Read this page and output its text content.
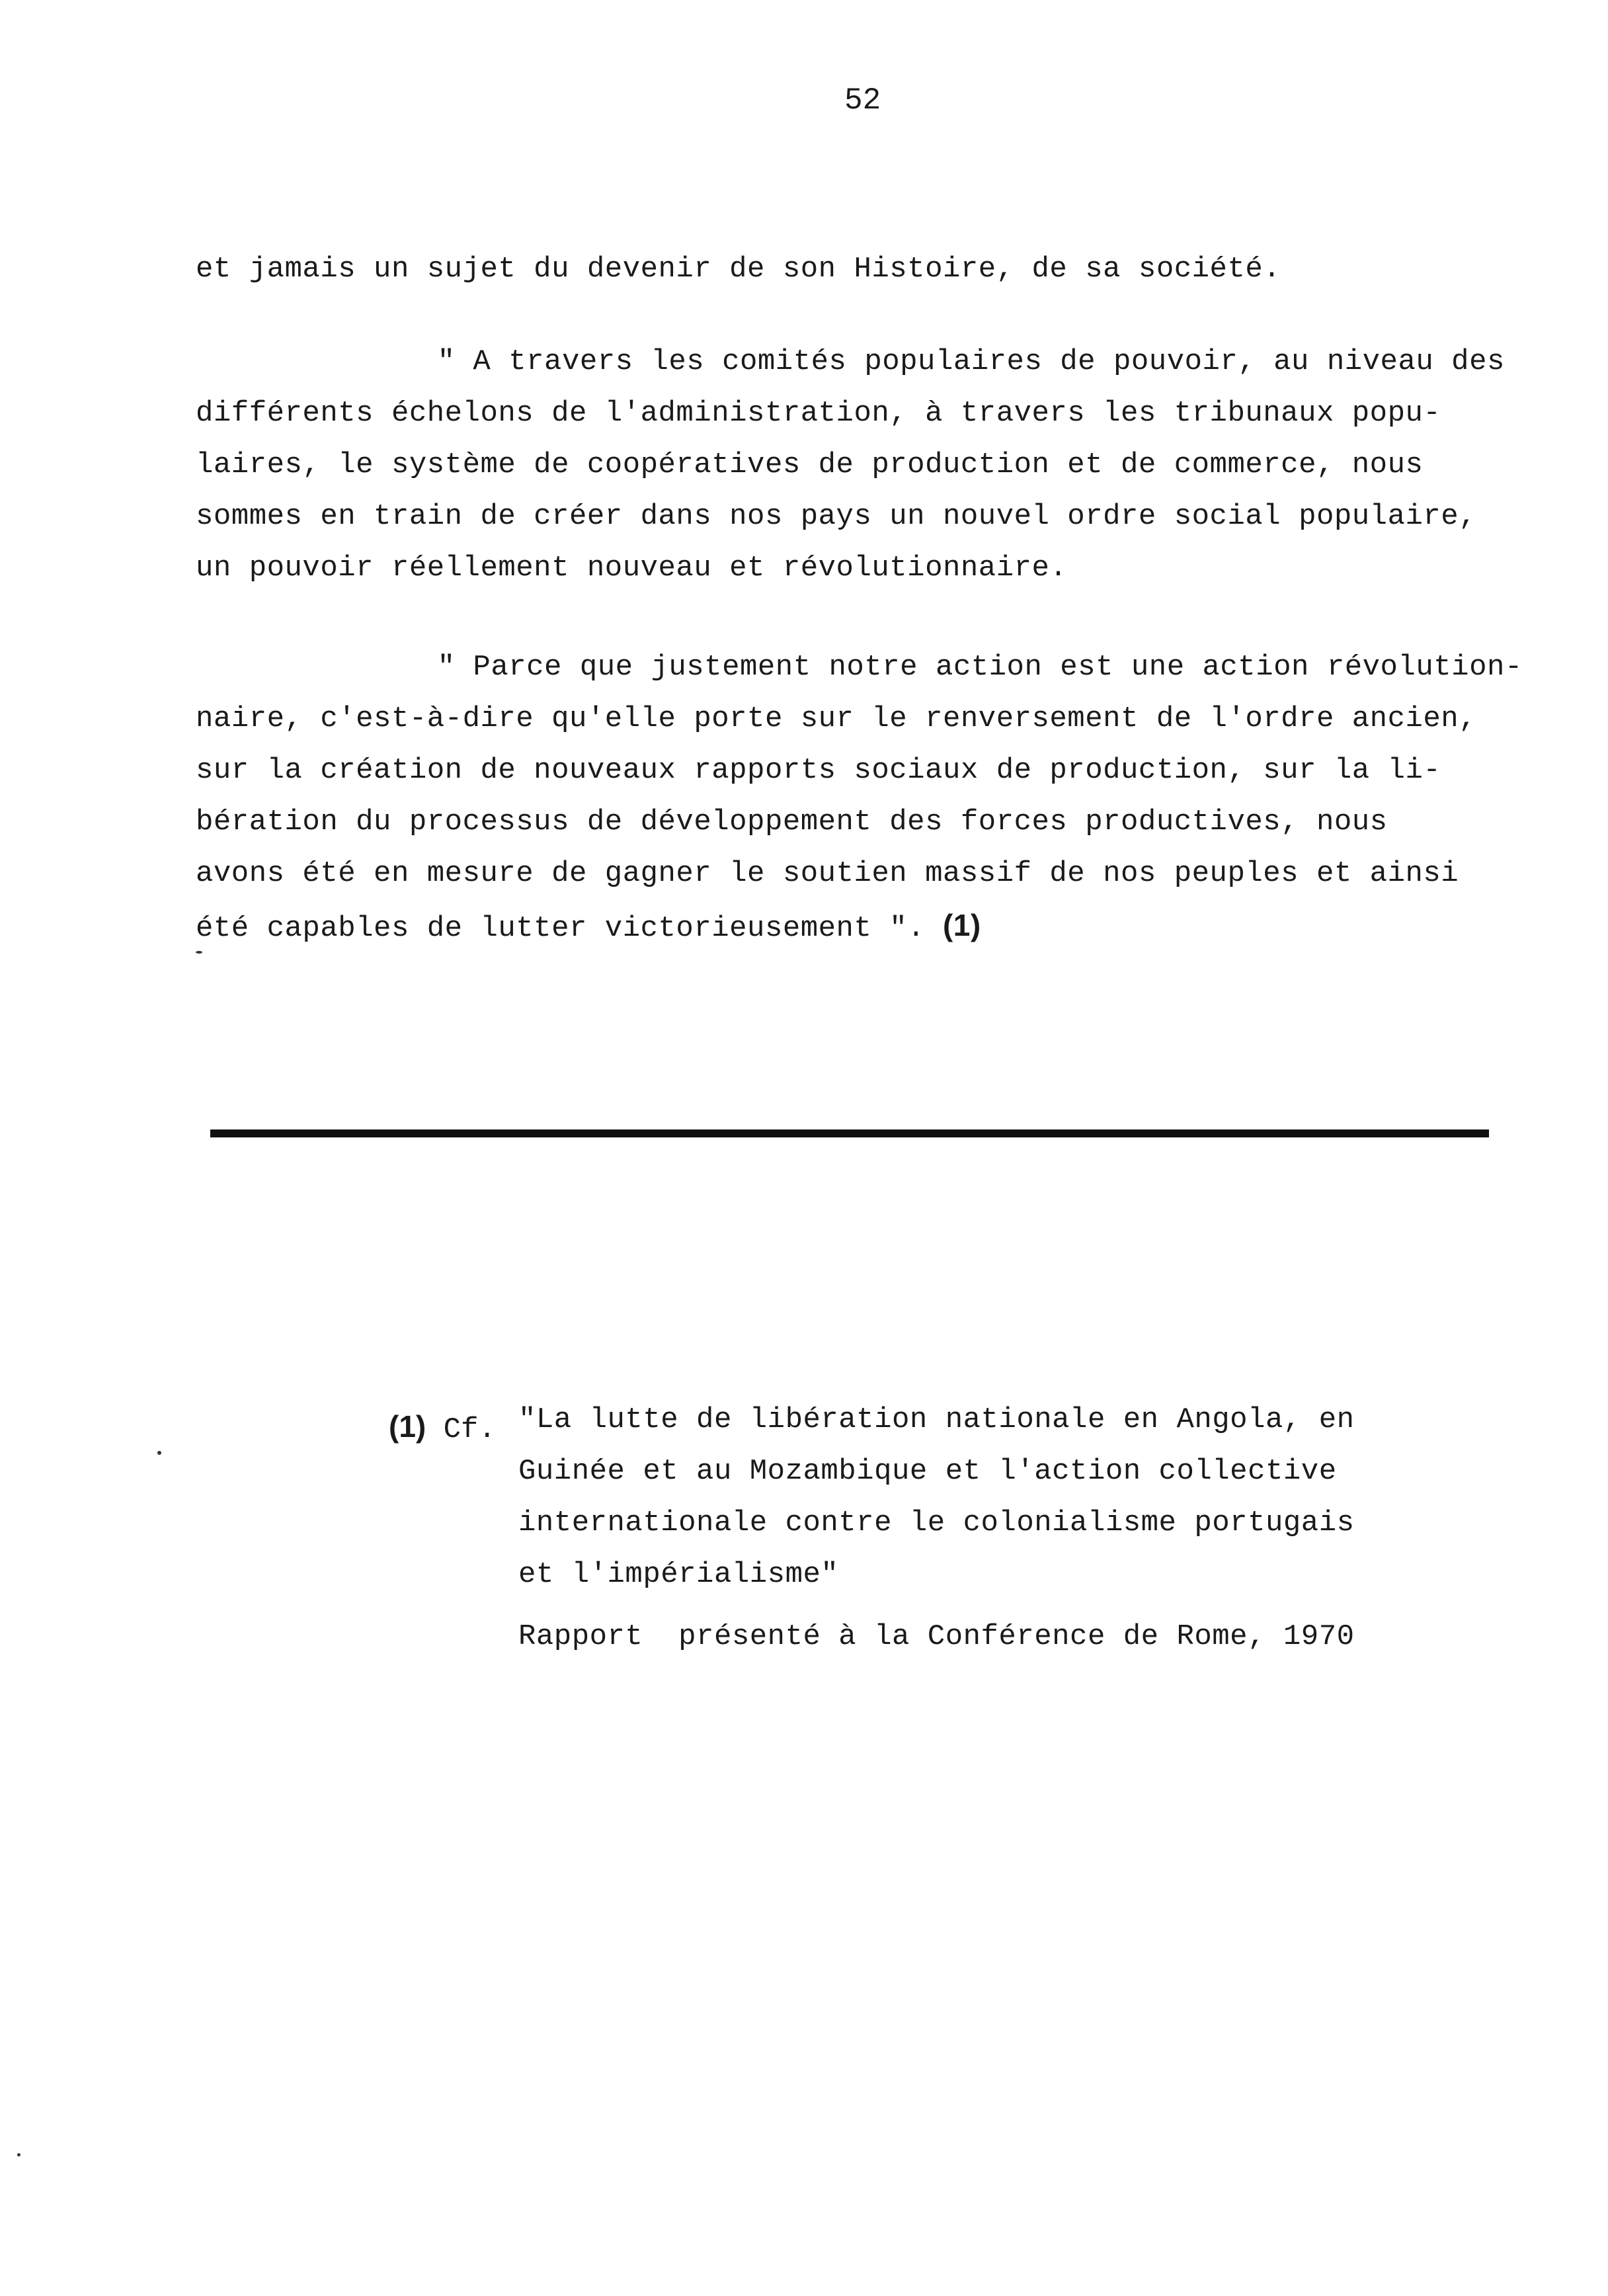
52
et jamais un sujet du devenir de son Histoire, de sa société.
" A travers les comités populaires de pouvoir, au niveau des
différents échelons de l'administration, à travers les tribunaux popu-
laires, le système de coopératives de production et de commerce, nous
sommes en train de créer dans nos pays un nouvel ordre social populaire,
un pouvoir réellement nouveau et révolutionnaire.
" Parce que justement notre action est une action révolution-
naire, c'est-à-dire qu'elle porte sur le renversement de l'ordre ancien,
sur la création de nouveaux rapports sociaux de production, sur la li-
bération du processus de développement des forces productives, nous
avons été en mesure de gagner le soutien massif de nos peuples et ainsi
été capables de lutter victorieusement ". (1)
(1) Cf. "La lutte de libération nationale en Angola, en
Guinée et au Mozambique et l'action collective
internationale contre le colonialisme portugais
et l'impérialisme"
Rapport  présenté à la Conférence de Rome, 1970
